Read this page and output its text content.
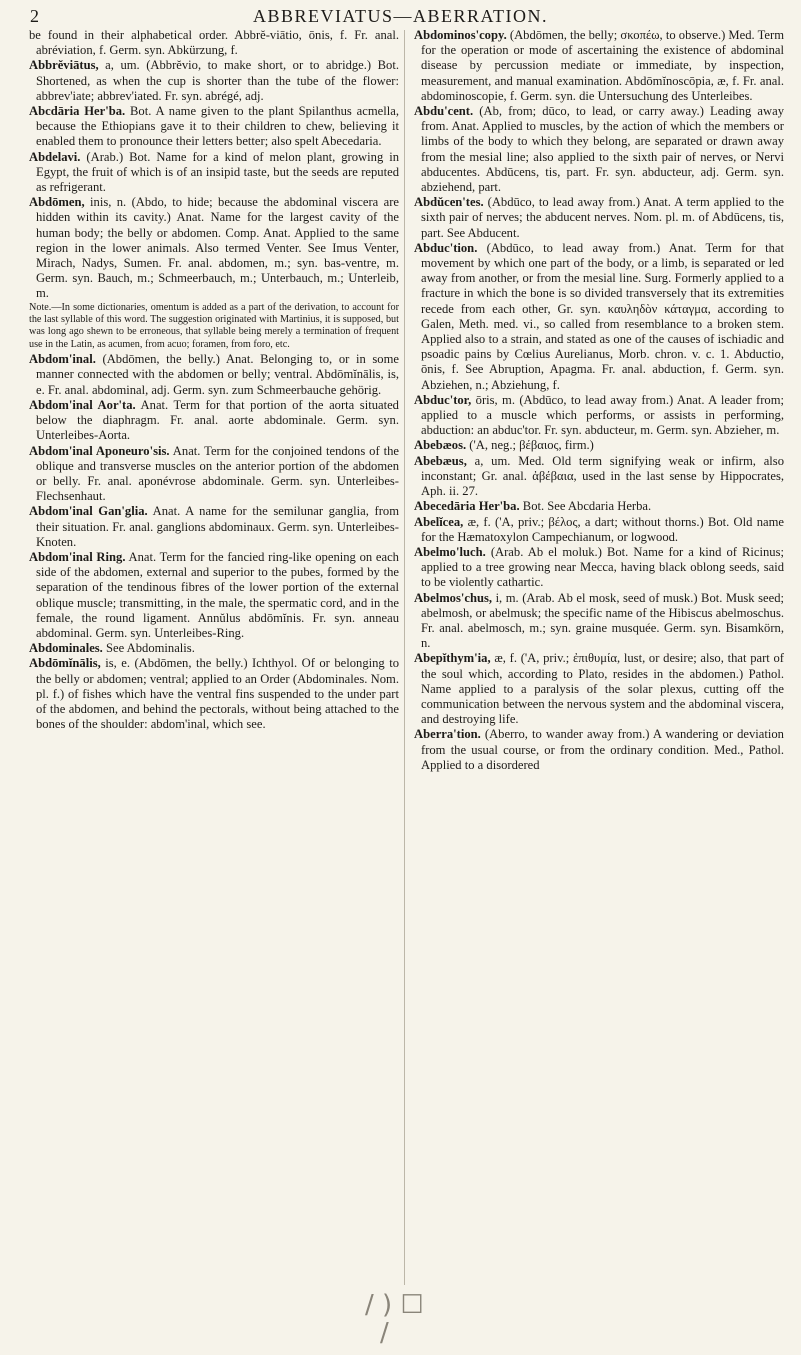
2	ABBREVIATUS—ABERRATION.

be found in their alphabetical order. Abbrĕ-viātio, ōnis, f. Fr. anal. abréviation, f. Germ. syn. Abkürzung, f.

Abbrĕviātus, a, um. (Abbrĕvio, to make short, or to abridge.) Bot. Shortened, as when the cup is shorter than the tube of the flower: abbrev'iate; abbrev'iated. Fr. syn. abrégé, adj.

Abcdāria Her'ba. Bot. A name given to the plant Spilanthus acmella, because the Ethiopians gave it to their children to chew, believing it enabled them to pronounce their letters better; also spelt Abecedaria.

Abdelavi. (Arab.) Bot. Name for a kind of melon plant, growing in Egypt, the fruit of which is of an insipid taste, but the seeds are reputed as refrigerant.

Abdōmen, inis, n. (Abdo, to hide; because the abdominal viscera are hidden within its cavity.) Anat. Name for the largest cavity of the human body; the belly or abdomen. Comp. Anat. Applied to the same region in the lower animals. Also termed Venter. See Imus Venter, Mirach, Nadys, Sumen. Fr. anal. abdomen, m.; syn. bas-ventre, m. Germ. syn. Bauch, m.; Schmeerbauch, m.; Unterbauch, m.; Unterleib, m.

Note.—In some dictionaries, omentum is added as a part of the derivation, to account for the last syllable of this word. The suggestion originated with Martinius, it is supposed, but was long ago shewn to be erroneous, that syllable being merely a termination of frequent use in the Latin, as acumen, from acuo; foramen, from foro, etc.

Abdom'inal. (Abdōmen, the belly.) Anat. Belonging to, or in some manner connected with the abdomen or belly; ventral. Abdōmĭnālis, is, e. Fr. anal. abdominal, adj. Germ. syn. zum Schmeerbauche gehörig.

Abdom'inal Aor'ta. Anat. Term for that portion of the aorta situated below the diaphragm. Fr. anal. aorte abdominale. Germ. syn. Unterleibes-Aorta.

Abdom'inal Aponeuro'sis. Anat. Term for the conjoined tendons of the oblique and transverse muscles on the anterior portion of the abdomen or belly. Fr. anal. aponévrose abdominale. Germ. syn. Unterleibes-Flechsenhaut.

Abdom'inal Gan'glia. Anat. A name for the semilunar ganglia, from their situation. Fr. anal. ganglions abdominaux. Germ. syn. Unterleibes-Knoten.

Abdom'inal Ring. Anat. Term for the fancied ring-like opening on each side of the abdomen, external and superior to the pubes, formed by the separation of the tendinous fibres of the lower portion of the external oblique muscle; transmitting, in the male, the spermatic cord, and in the female, the round ligament. Annŭlus abdōmĭnis. Fr. syn. anneau abdominal. Germ. syn. Unterleibes-Ring.

Abdominales. See Abdominalis.

Abdōmĭnālis, is, e. (Abdōmen, the belly.) Ichthyol. Of or belonging to the belly or abdomen; ventral; applied to an Order (Abdominales. Nom. pl. f.) of fishes which have the ventral fins suspended to the under part of the abdomen, and behind the pectorals, without being attached to the bones of the shoulder: abdom'inal, which see.

Abdominos'copy. (Abdōmen, the belly; σκοπέω, to observe.) Med. Term for the operation or mode of ascertaining the existence of abdominal disease by percussion mediate or immediate, by inspection, measurement, and manual examination. Abdōmĭnoscōpia, æ, f. Fr. anal. abdominoscopie, f. Germ. syn. die Untersuchung des Unterleibes.

Abdu'cent. (Ab, from; dūco, to lead, or carry away.) Leading away from. Anat. Applied to muscles, by the action of which the members or limbs of the body to which they belong, are separated or drawn away from the mesial line; also applied to the sixth pair of nerves, or Nervi abducentes. Abdūcens, tis, part. Fr. syn. abducteur, adj. Germ. syn. abziehend, part.

Abdŭcen'tes. (Abdūco, to lead away from.) Anat. A term applied to the sixth pair of nerves; the abducent nerves. Nom. pl. m. of Abdūcens, tis, part. See Abducent.

Abduc'tion. (Abdūco, to lead away from.) Anat. Term for that movement by which one part of the body, or a limb, is separated or led away from another, or from the mesial line. Surg. Formerly applied to a fracture in which the bone is so divided transversely that its extremities recede from each other, Gr. syn. καυληδὸν κάταγμα, according to Galen, Meth. med. vi., so called from resemblance to a broken stem. Applied also to a strain, and stated as one of the causes of ischiadic and psoadic pains by Cœlius Aurelianus, Morb. chron. v. c. 1. Abductio, ōnis, f. See Abruption, Apagma. Fr. anal. abduction, f. Germ. syn. Abziehen, n.; Abziehung, f.

Abduc'tor, ōris, m. (Abdūco, to lead away from.) Anat. A leader from; applied to a muscle which performs, or assists in performing, abduction: an abduc'tor. Fr. syn. abducteur, m. Germ. syn. Abzieher, m.

Abebæos. ('A, neg.; βέβαιος, firm.)

Abebæus, a, um. Med. Old term signifying weak or infirm, also inconstant; Gr. anal. ἀβέβαια, used in the last sense by Hippocrates, Aph. ii. 27.

Abecedāria Her'ba. Bot. See Abcdaria Herba.

Abelĭcea, æ, f. ('A, priv.; βέλος, a dart; without thorns.) Bot. Old name for the Hæmatoxylon Campechianum, or logwood.

Abelmo'luch. (Arab. Ab el moluk.) Bot. Name for a kind of Ricinus; applied to a tree growing near Mecca, having black oblong seeds, said to be violently cathartic.

Abelmos'chus, i, m. (Arab. Ab el mosk, seed of musk.) Bot. Musk seed; abelmosh, or abelmusk; the specific name of the Hibiscus abelmoschus. Fr. anal. abelmosch, m.; syn. graine musquée. Germ. syn. Bisamkörn, n.

Abepĭthym'ia, æ, f. ('A, priv.; ἐπιθυμία, lust, or desire; also, that part of the soul which, according to Plato, resides in the abdomen.) Pathol. Name applied to a paralysis of the solar plexus, cutting off the communication between the nervous system and the abdominal viscera, and destroying life.

Aberra'tion. (Aberro, to wander away from.) A wandering or deviation from the usual course, or from the ordinary condition. Med., Pathol. Applied to a disordered

/ ) ☐
/
